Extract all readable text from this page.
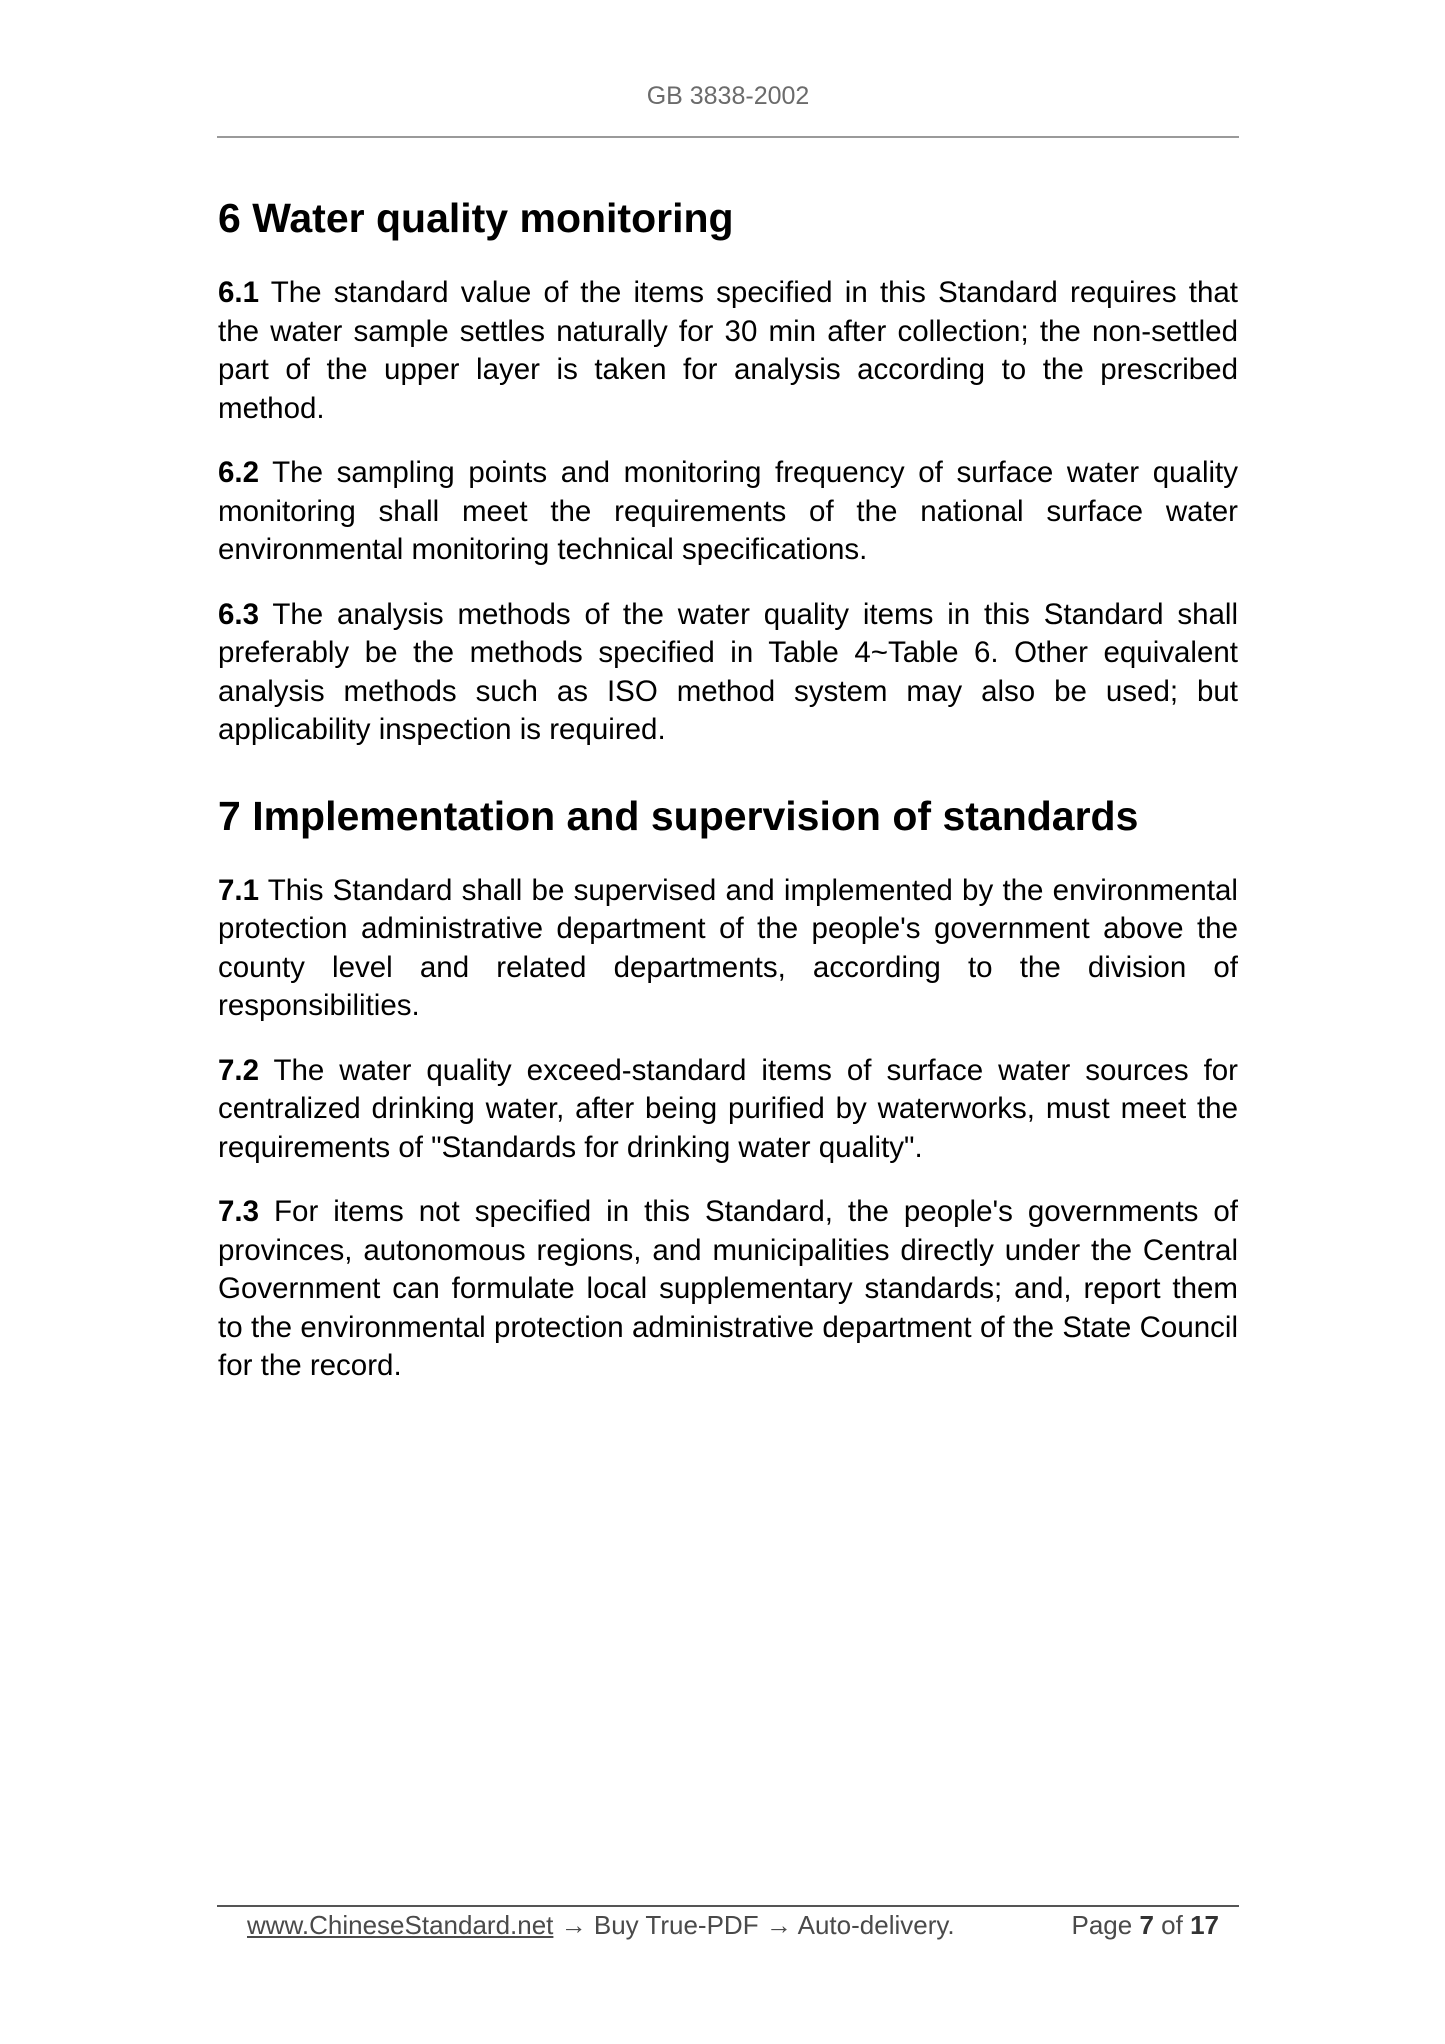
GB 3838-2002
6 Water quality monitoring

6.1 The standard value of the items specified in this Standard requires that the water sample settles naturally for 30 min after collection; the non-settled part of the upper layer is taken for analysis according to the prescribed method.

6.2 The sampling points and monitoring frequency of surface water quality monitoring shall meet the requirements of the national surface water environmental monitoring technical specifications.

6.3 The analysis methods of the water quality items in this Standard shall preferably be the methods specified in Table 4~Table 6. Other equivalent analysis methods such as ISO method system may also be used; but applicability inspection is required.

7 Implementation and supervision of standards

7.1 This Standard shall be supervised and implemented by the environmental protection administrative department of the people's government above the county level and related departments, according to the division of responsibilities.

7.2 The water quality exceed-standard items of surface water sources for centralized drinking water, after being purified by waterworks, must meet the requirements of "Standards for drinking water quality".

7.3 For items not specified in this Standard, the people's governments of provinces, autonomous regions, and municipalities directly under the Central Government can formulate local supplementary standards; and, report them to the environmental protection administrative department of the State Council for the record.

www.ChineseStandard.net → Buy True-PDF → Auto-delivery.	Page 7 of 17
